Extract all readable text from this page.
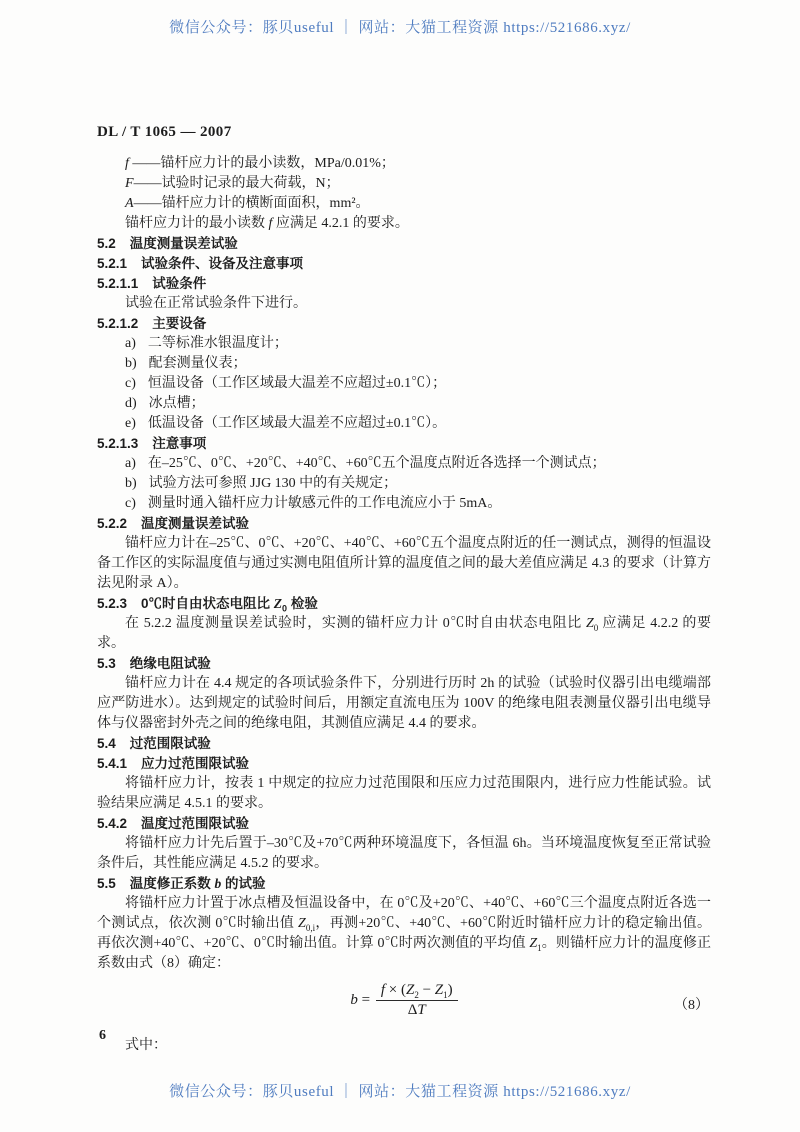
微信公众号：豚贝useful ｜ 网站：大猫工程资源 https://521686.xyz/
DL / T 1065 — 2007
f ——锚杆应力计的最小读数，MPa/0.01%；
F——试验时记录的最大荷载，N；
A——锚杆应力计的横断面面积，mm²。
锚杆应力计的最小读数 f 应满足 4.2.1 的要求。
5.2 温度测量误差试验
5.2.1 试验条件、设备及注意事项
5.2.1.1 试验条件
试验在正常试验条件下进行。
5.2.1.2 主要设备
a) 二等标准水银温度计；
b) 配套测量仪表；
c) 恒温设备（工作区域最大温差不应超过±0.1℃）；
d) 冰点槽；
e) 低温设备（工作区域最大温差不应超过±0.1℃）。
5.2.1.3 注意事项
a) 在–25℃、0℃、+20℃、+40℃、+60℃五个温度点附近各选择一个测试点；
b) 试验方法可参照 JJG 130 中的有关规定；
c) 测量时通入锚杆应力计敏感元件的工作电流应小于 5mA。
5.2.2 温度测量误差试验
锚杆应力计在–25℃、0℃、+20℃、+40℃、+60℃五个温度点附近的任一测试点，测得的恒温设备工作区的实际温度值与通过实测电阻值所计算的温度值之间的最大差值应满足 4.3 的要求（计算方法见附录 A）。
5.2.3 0℃时自由状态电阻比 $Z_0$ 检验
在 5.2.2 温度测量误差试验时，实测的锚杆应力计 0℃时自由状态电阻比 $Z_0$ 应满足 4.2.2 的要求。
5.3 绝缘电阻试验
锚杆应力计在 4.4 规定的各项试验条件下，分别进行历时 2h 的试验（试验时仪器引出电缆端部应严防进水）。达到规定的试验时间后，用额定直流电压为 100V 的绝缘电阻表测量仪器引出电缆导体与仪器密封外壳之间的绝缘电阻，其测值应满足 4.4 的要求。
5.4 过范围限试验
5.4.1 应力过范围限试验
将锚杆应力计，按表 1 中规定的拉应力过范围限和压应力过范围限内，进行应力性能试验。试验结果应满足 4.5.1 的要求。
5.4.2 温度过范围限试验
将锚杆应力计先后置于–30℃及+70℃两种环境温度下，各恒温 6h。当环境温度恢复至正常试验条件后，其性能应满足 4.5.2 的要求。
5.5 温度修正系数 b 的试验
将锚杆应力计置于冰点槽及恒温设备中，在 0℃及+20℃、+40℃、+60℃三个温度点附近各选一个测试点，依次测 0℃时输出值 $Z_{0,i}$，再测+20℃、+40℃、+60℃附近时锚杆应力计的稳定输出值。再依次测+40℃、+20℃、0℃时输出值。计算 0℃时两次测值的平均值 $Z_1$。则锚杆应力计的温度修正系数由式（8）确定：
$b = \frac{f \times (Z_2 - Z_1)}{\Delta T}$	（8）
式中：
6
微信公众号：豚贝useful ｜ 网站：大猫工程资源 https://521686.xyz/
